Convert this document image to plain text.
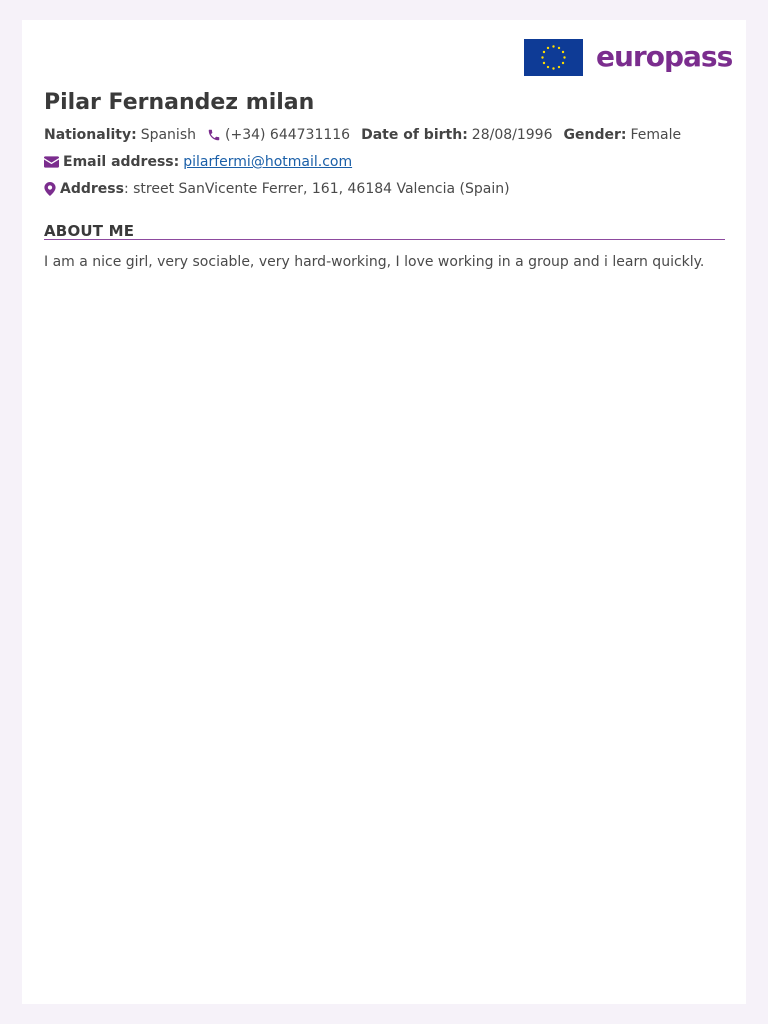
europass
Pilar Fernandez milan
Nationality: Spanish (+34) 644731116 Date of birth: 28/08/1996 Gender: Female
Email address: pilarfermi@hotmail.com
Address : street SanVicente Ferrer, 161, 46184 Valencia (Spain)
ABOUT ME

I am a nice girl, very sociable, very hard-working, I love working in a group and i learn quickly.
